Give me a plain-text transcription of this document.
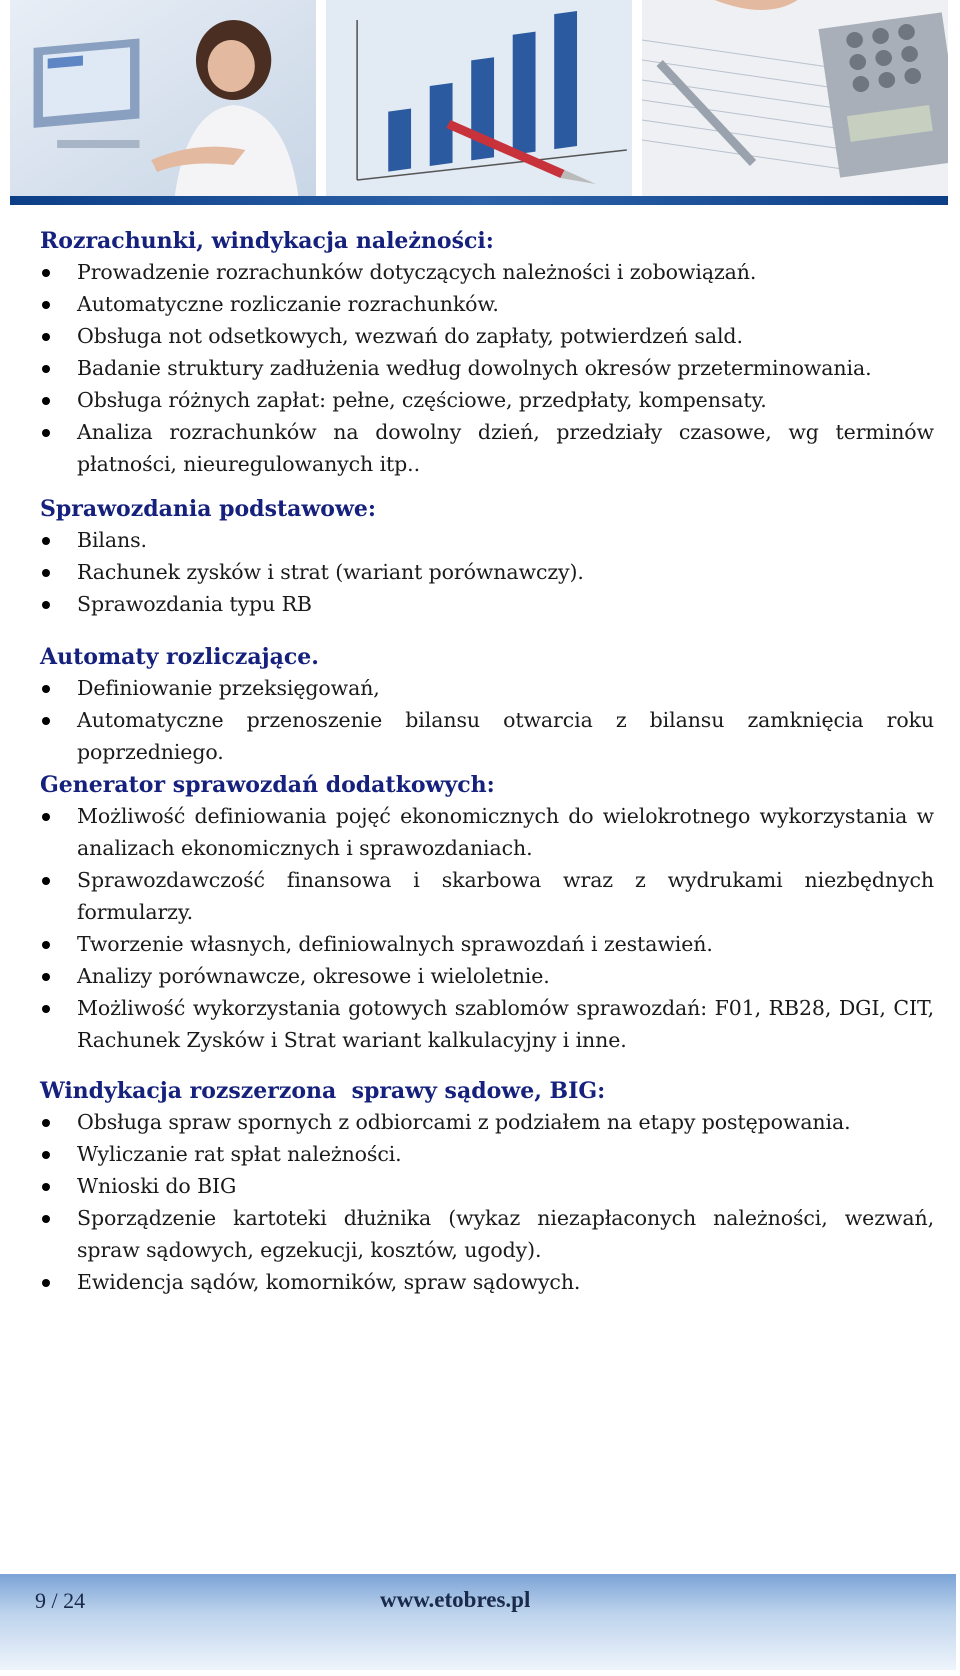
Rozrachunki, windykacja należności:
Prowadzenie rozrachunków dotyczących należności i zobowiązań.
Automatyczne rozliczanie rozrachunków.
Obsługa not odsetkowych, wezwań do zapłaty, potwierdzeń sald.
Badanie struktury zadłużenia według dowolnych okresów przeterminowania.
Obsługa różnych zapłat: pełne, częściowe, przedpłaty, kompensaty.
Analiza rozrachunków na dowolny dzień, przedziały czasowe, wg terminów płatności, nieuregulowanych itp..
Sprawozdania podstawowe:
Bilans.
Rachunek zysków i strat (wariant porównawczy).
Sprawozdania typu RB
Automaty rozliczające.
Definiowanie przeksięgowań,
Automatyczne przenoszenie bilansu otwarcia z bilansu zamknięcia roku poprzedniego.
Generator sprawozdań dodatkowych:
Możliwość definiowania pojęć ekonomicznych do wielokrotnego wykorzystania w analizach ekonomicznych i sprawozdaniach.
Sprawozdawczość finansowa i skarbowa wraz z wydrukami niezbędnych formularzy.
Tworzenie własnych, definiowalnych sprawozdań i zestawień.
Analizy porównawcze, okresowe i wieloletnie.
Możliwość wykorzystania gotowych szablomów sprawozdań: F01, RB28, DGI, CIT, Rachunek Zysków i Strat wariant kalkulacyjny i inne.
Windykacja rozszerzona  sprawy sądowe, BIG:
Obsługa spraw spornych z odbiorcami z podziałem na etapy postępowania.
Wyliczanie rat spłat należności.
Wnioski do BIG
Sporządzenie kartoteki dłużnika (wykaz niezapłaconych należności, wezwań, spraw sądowych, egzekucji, kosztów, ugody).
Ewidencja sądów, komorników, spraw sądowych.
9 / 24	www.etobres.pl
